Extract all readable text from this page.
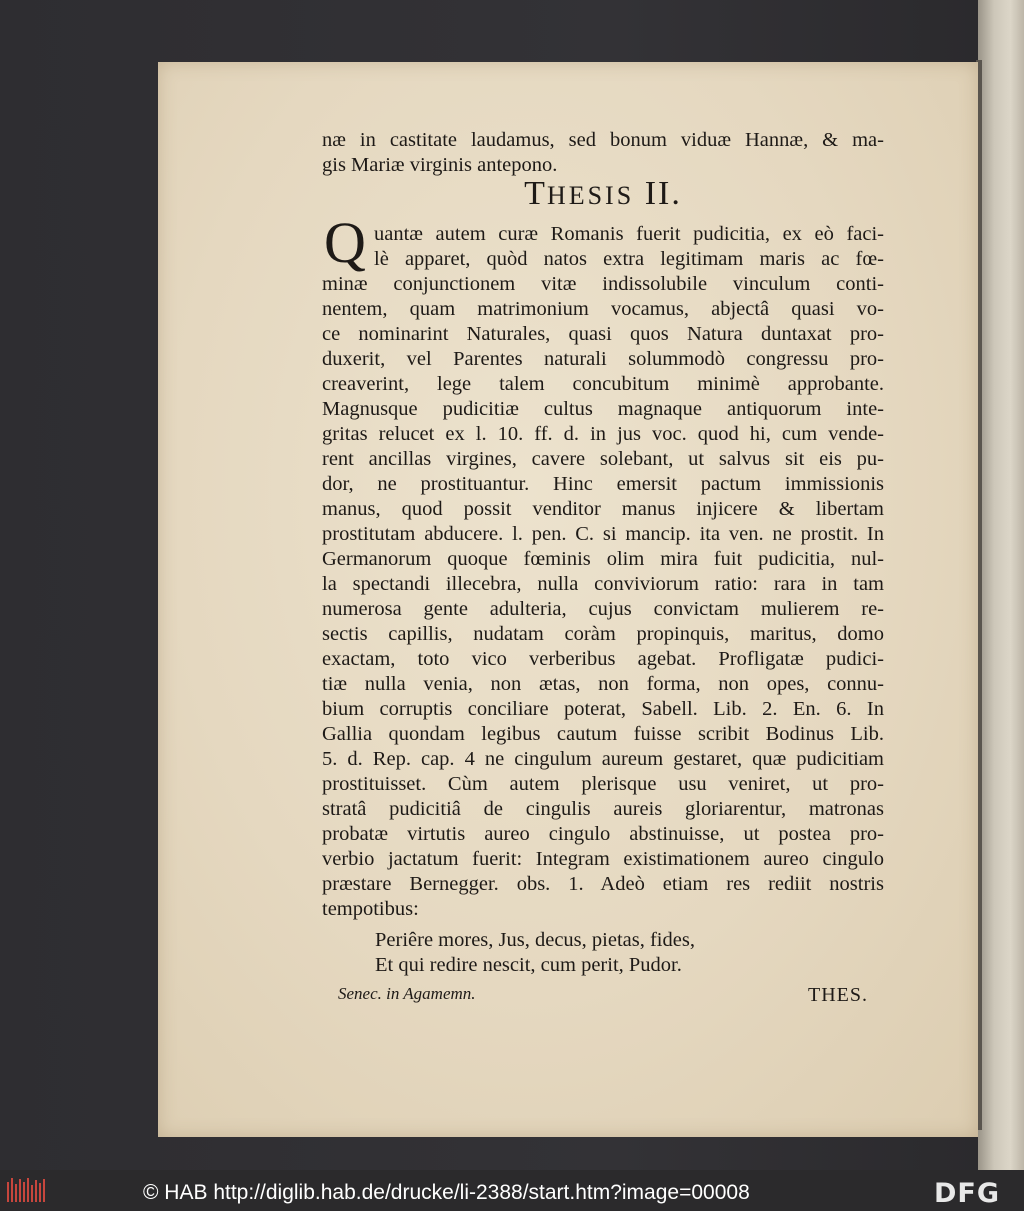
næ in castitate laudamus, sed bonum viduæ Hannæ, & ma-
gis Mariæ virginis antepono.
THESIS II.
Q uantæ autem curæ Romanis fuerit pudicitia, ex eò faci-
lè apparet, quòd natos extra legitimam maris ac fœ-
minæ conjunctionem vitæ indissolubile vinculum conti-
nentem, quam matrimonium vocamus, abjectâ quasi vo-
ce nominarint Naturales, quasi quos Natura duntaxat pro-
duxerit, vel Parentes naturali solummodò congressu pro-
creaverint, lege talem concubitum minimè approbante.
Magnusque pudicitiæ cultus magnaque antiquorum inte-
gritas relucet ex l. 10. ff. d. in jus voc. quod hi, cum vende-
rent ancillas virgines, cavere solebant, ut salvus sit eis pu-
dor, ne prostituantur. Hinc emersit pactum immissionis
manus, quod possit venditor manus injicere & libertam
prostitutam abducere. l. pen. C. si mancip. ita ven. ne prostit. In
Germanorum quoque fœminis olim mira fuit pudicitia, nul-
la spectandi illecebra, nulla conviviorum ratio: rara in tam
numerosa gente adulteria, cujus convictam mulierem re-
sectis capillis, nudatam coràm propinquis, maritus, domo
exactam, toto vico verberibus agebat. Profligatæ pudici-
tiæ nulla venia, non ætas, non forma, non opes, connu-
bium corruptis conciliare poterat, Sabell. Lib. 2. En. 6. In
Gallia quondam legibus cautum fuisse scribit Bodinus Lib.
5. d. Rep. cap. 4 ne cingulum aureum gestaret, quæ pudicitiam
prostituisset. Cùm autem plerisque usu veniret, ut pro-
stratâ pudicitiâ de cingulis aureis gloriarentur, matronas
probatæ virtutis aureo cingulo abstinuisse, ut postea pro-
verbio jactatum fuerit: Integram existimationem aureo cingulo
præstare Bernegger. obs. 1. Adeò etiam res rediit nostris
tempotibus:
Periêre mores, Jus, decus, pietas, fides,
Et qui redire nescit, cum perit, Pudor.
Senec. in Agamemn.	THES.
© HAB http://diglib.hab.de/drucke/li-2388/start.htm?image=00008	DFG
